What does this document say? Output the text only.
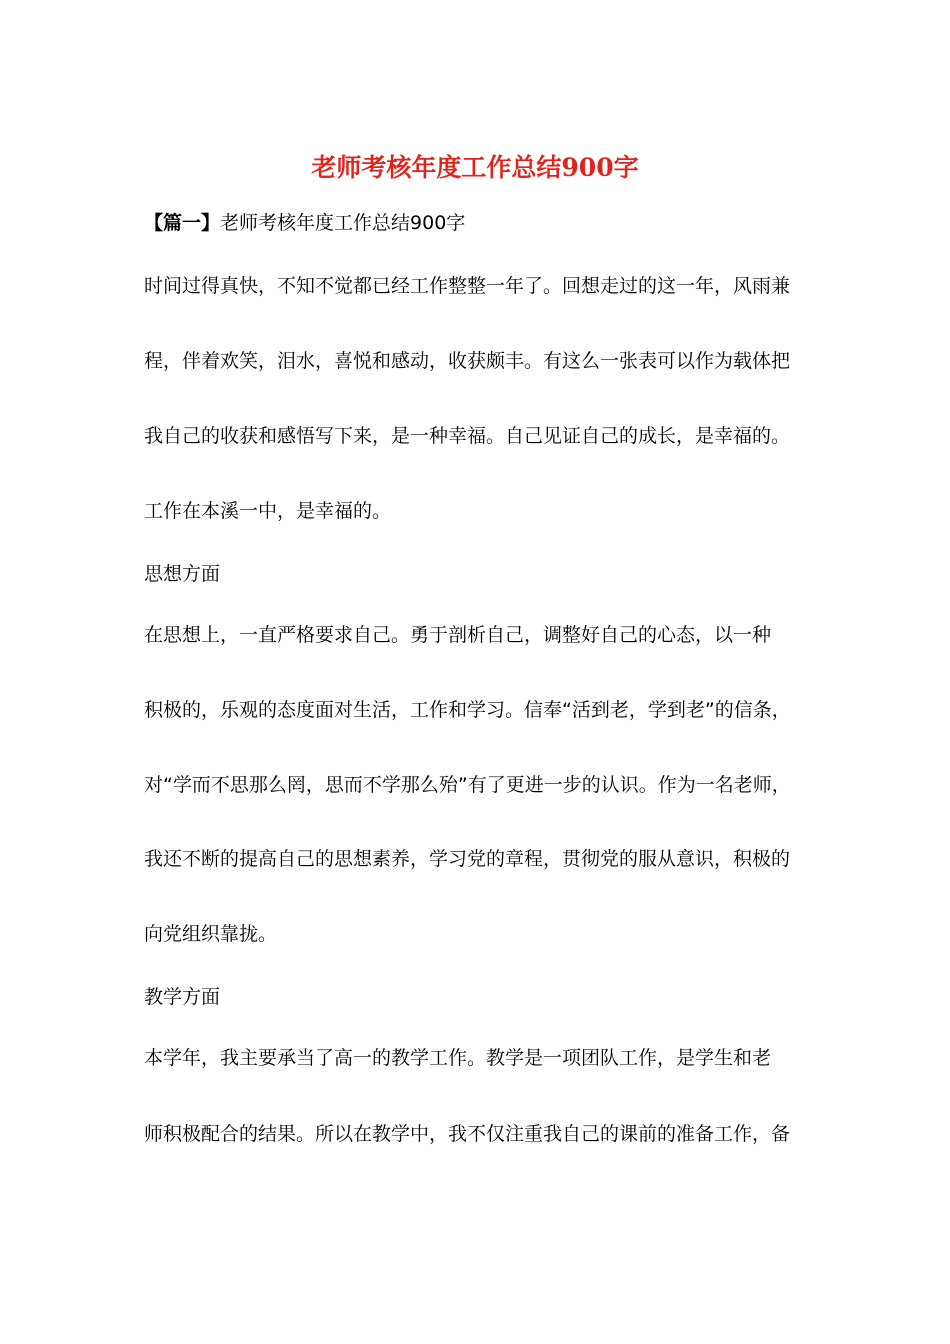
老师考核年度工作总结900字
【篇一】老师考核年度工作总结900字
时间过得真快，不知不觉都已经工作整整一年了。回想走过的这一年，风雨兼
程，伴着欢笑，泪水，喜悦和感动，收获颇丰。有这么一张表可以作为载体把
我自己的收获和感悟写下来，是一种幸福。自己见证自己的成长，是幸福的。
工作在本溪一中，是幸福的。
思想方面
在思想上，一直严格要求自己。勇于剖析自己，调整好自己的心态，以一种
积极的，乐观的态度面对生活，工作和学习。信奉“活到老，学到老”的信条，
对“学而不思那么罔，思而不学那么殆”有了更进一步的认识。作为一名老师，
我还不断的提高自己的思想素养，学习党的章程，贯彻党的服从意识，积极的
向党组织靠拢。
教学方面
本学年，我主要承当了高一的教学工作。教学是一项团队工作，是学生和老
师积极配合的结果。所以在教学中，我不仅注重我自己的课前的准备工作，备
